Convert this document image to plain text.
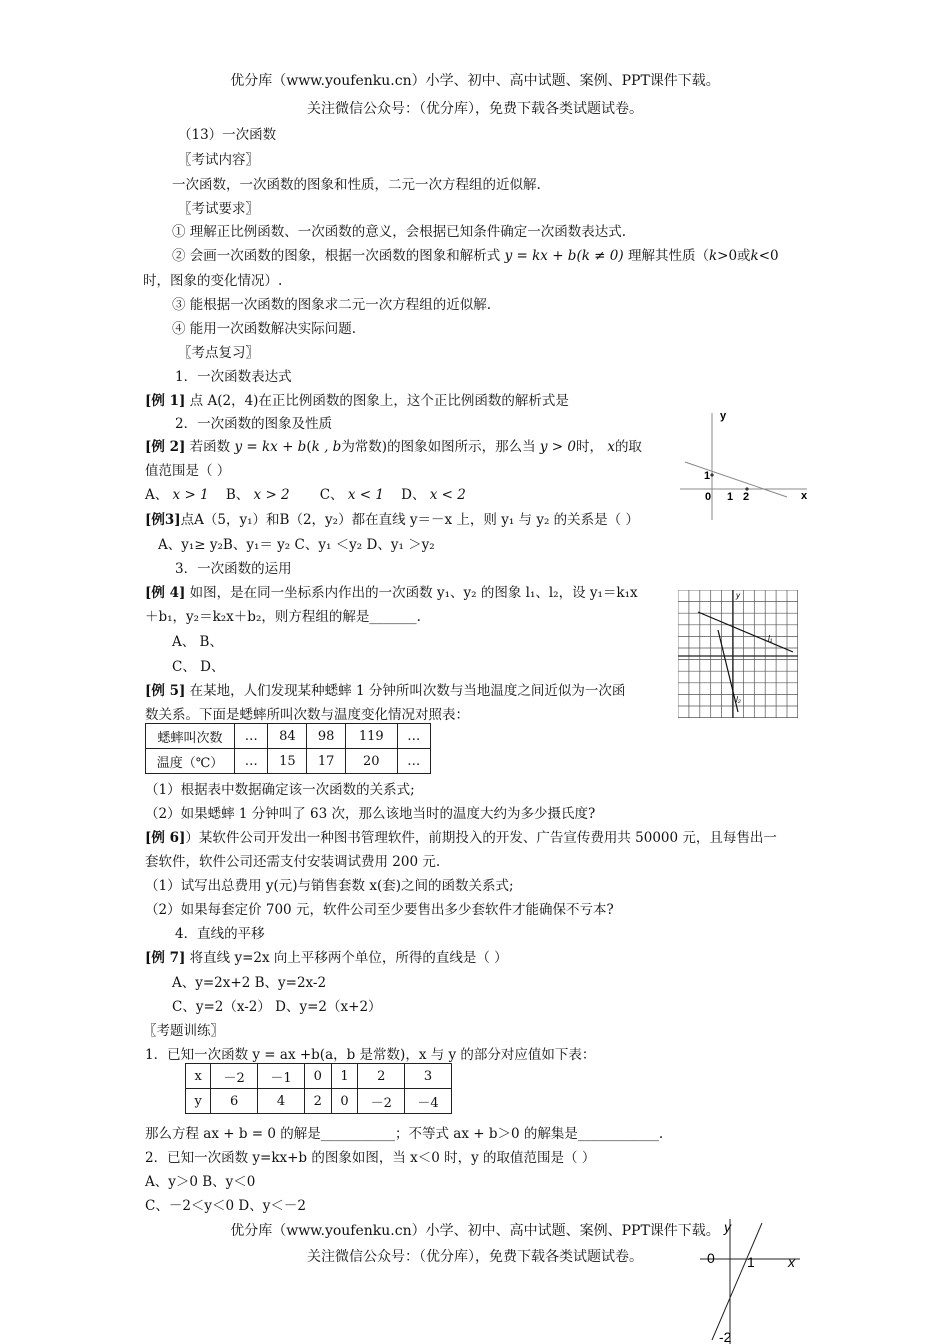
优分库（www.youfenku.cn）小学、初中、高中试题、案例、PPT课件下载。
关注微信公众号：（优分库），免费下载各类试题试卷。
（13）一次函数
〖考试内容〗
一次函数，一次函数的图象和性质，二元一次方程组的近似解.
〖考试要求〗
① 理解正比例函数、一次函数的意义，会根据已知条件确定一次函数表达式.
② 会画一次函数的图象，根据一次函数的图象和解析式 y = kx + b(k ≠ 0) 理解其性质（k>0或k<0
时，图象的变化情况）.
③ 能根据一次函数的图象求二元一次方程组的近似解.
④ 能用一次函数解决实际问题.
〖考点复习〗
1．一次函数表达式
[例 1] 点 A(2，4)在正比例函数的图象上，这个正比例函数的解析式是
2．一次函数的图象及性质
[例 2] 若函数 y = kx + b(k , b为常数)的图象如图所示，那么当 y > 0时， x的取
值范围是（ ）
A、 x > 1 B、 x > 2 C、 x < 1 D、 x < 2
[例3]点A（5，y₁）和B（2，y₂）都在直线 y＝－x 上，则 y₁ 与 y₂ 的关系是（ ）
A、y₁≥ y₂B、y₁＝ y₂ C、y₁ ＜y₂ D、y₁ ＞y₂
3．一次函数的运用
[例 4] 如图，是在同一坐标系内作出的一次函数 y₁、y₂ 的图象 l₁、l₂，设 y₁＝k₁x
＋b₁，y₂＝k₂x＋b₂，则方程组的解是_______.
A、 B、
C、 D、
[例 5] 在某地，人们发现某种蟋蟀 1 分钟所叫次数与当地温度之间近似为一次函
数关系。下面是蟋蟀所叫次数与温度变化情况对照表：
蟋蟀叫次数	…	84	98	119	…
温度（℃）	…	15	17	20	…
（1）根据表中数据确定该一次函数的关系式;
（2）如果蟋蟀 1 分钟叫了 63 次，那么该地当时的温度大约为多少摄氏度?
[例 6]）某软件公司开发出一种图书管理软件，前期投入的开发、广告宣传费用共 50000 元，且每售出一
套软件，软件公司还需支付安装调试费用 200 元.
（1）试写出总费用 y(元)与销售套数 x(套)之间的函数关系式;
（2）如果每套定价 700 元，软件公司至少要售出多少套软件才能确保不亏本?
4．直线的平移
[例 7] 将直线 y=2x 向上平移两个单位，所得的直线是（ ）
A、y=2x+2 B、y=2x-2
C、y=2（x-2） D、y=2（x+2）
〖考题训练〗
1．已知一次函数 y = ax +b(a，b 是常数)，x 与 y 的部分对应值如下表：
x	－2	－1	0	1	2	3
y	6	4	2	0	－2	－4
那么方程 ax + b = 0 的解是___________；不等式 ax + b＞0 的解集是____________.
2．已知一次函数 y=kx+b 的图象如图，当 x＜0 时，y 的取值范围是（ ）
A、y＞0 B、y＜0
C、－2＜y＜0 D、y＜－2
优分库（www.youfenku.cn）小学、初中、高中试题、案例、PPT课件下载。
关注微信公众号：（优分库），免费下载各类试题试卷。
y
x
0 1 2
1
l₁
l₂
y
y
x
0 1
-2
